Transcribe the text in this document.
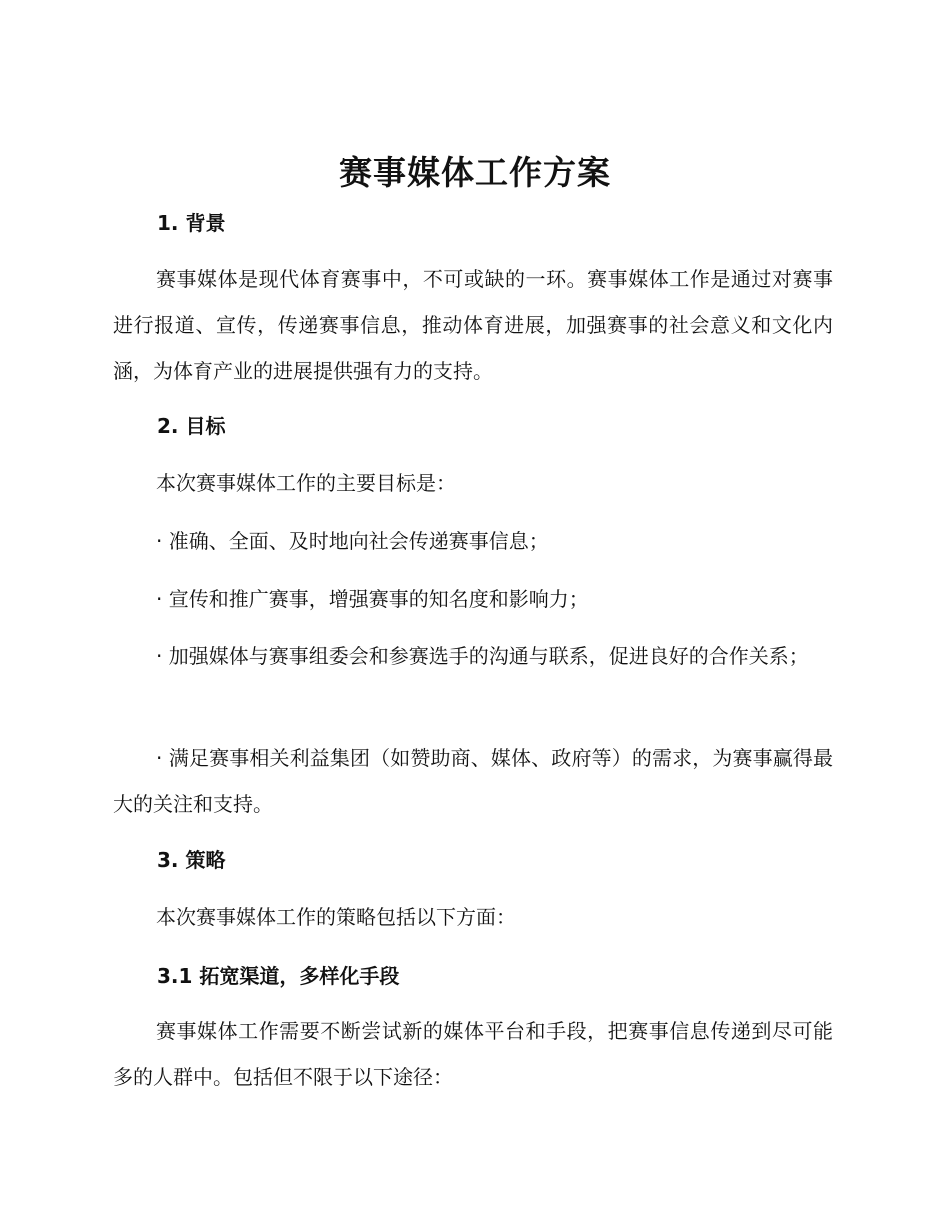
赛事媒体工作方案
1. 背景
赛事媒体是现代体育赛事中，不可或缺的一环。赛事媒体工作是通过对赛事进行报道、宣传，传递赛事信息，推动体育进展，加强赛事的社会意义和文化内涵，为体育产业的进展提供强有力的支持。
2. 目标
本次赛事媒体工作的主要目标是：
· 准确、全面、及时地向社会传递赛事信息；
· 宣传和推广赛事，增强赛事的知名度和影响力；
· 加强媒体与赛事组委会和参赛选手的沟通与联系，促进良好的合作关系；
· 满足赛事相关利益集团（如赞助商、媒体、政府等）的需求，为赛事赢得最大的关注和支持。
3. 策略
本次赛事媒体工作的策略包括以下方面：
3.1 拓宽渠道，多样化手段
赛事媒体工作需要不断尝试新的媒体平台和手段，把赛事信息传递到尽可能多的人群中。包括但不限于以下途径：
